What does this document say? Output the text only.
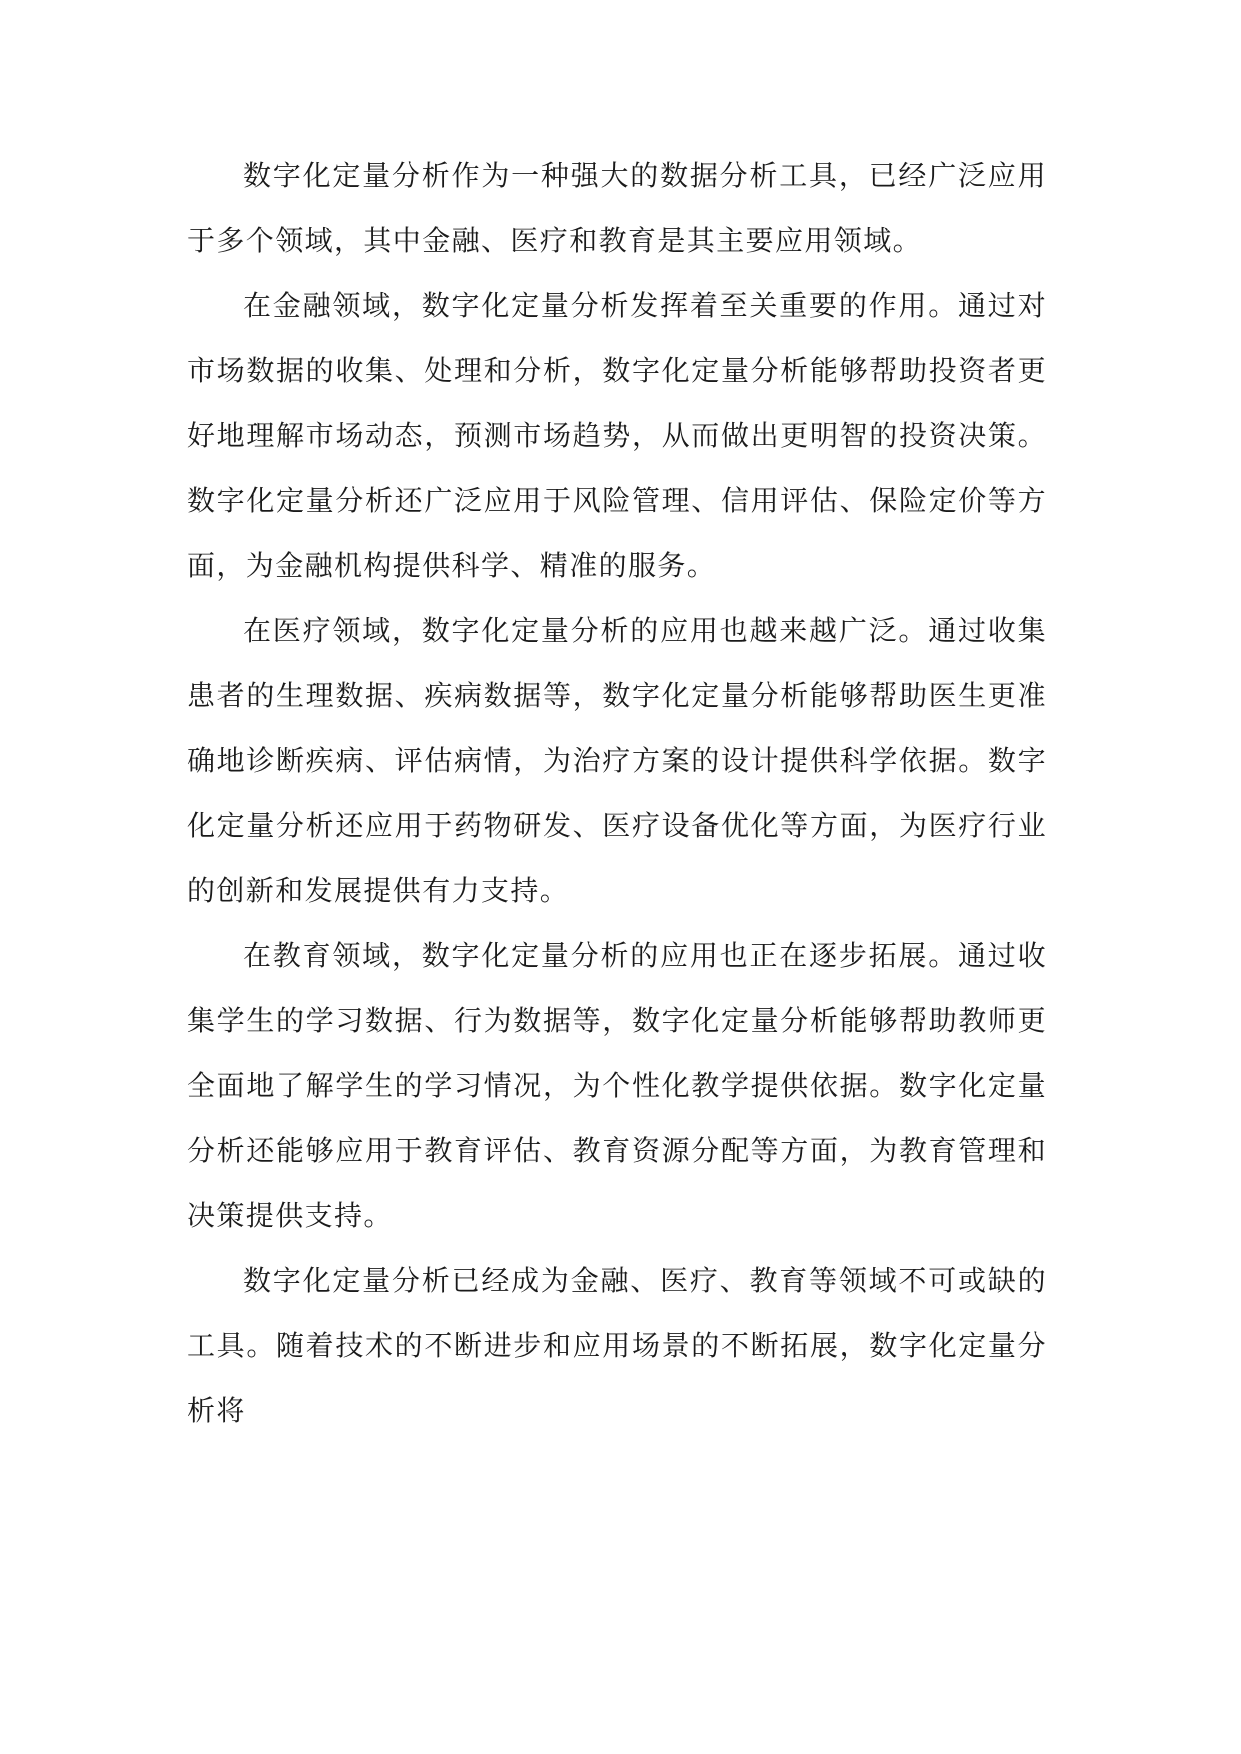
数字化定量分析作为一种强大的数据分析工具，已经广泛应用于多个领域，其中金融、医疗和教育是其主要应用领域。

在金融领域，数字化定量分析发挥着至关重要的作用。通过对市场数据的收集、处理和分析，数字化定量分析能够帮助投资者更好地理解市场动态，预测市场趋势，从而做出更明智的投资决策。数字化定量分析还广泛应用于风险管理、信用评估、保险定价等方面，为金融机构提供科学、精准的服务。

在医疗领域，数字化定量分析的应用也越来越广泛。通过收集患者的生理数据、疾病数据等，数字化定量分析能够帮助医生更准确地诊断疾病、评估病情，为治疗方案的设计提供科学依据。数字化定量分析还应用于药物研发、医疗设备优化等方面，为医疗行业的创新和发展提供有力支持。

在教育领域，数字化定量分析的应用也正在逐步拓展。通过收集学生的学习数据、行为数据等，数字化定量分析能够帮助教师更全面地了解学生的学习情况，为个性化教学提供依据。数字化定量分析还能够应用于教育评估、教育资源分配等方面，为教育管理和决策提供支持。

数字化定量分析已经成为金融、医疗、教育等领域不可或缺的工具。随着技术的不断进步和应用场景的不断拓展，数字化定量分析将
